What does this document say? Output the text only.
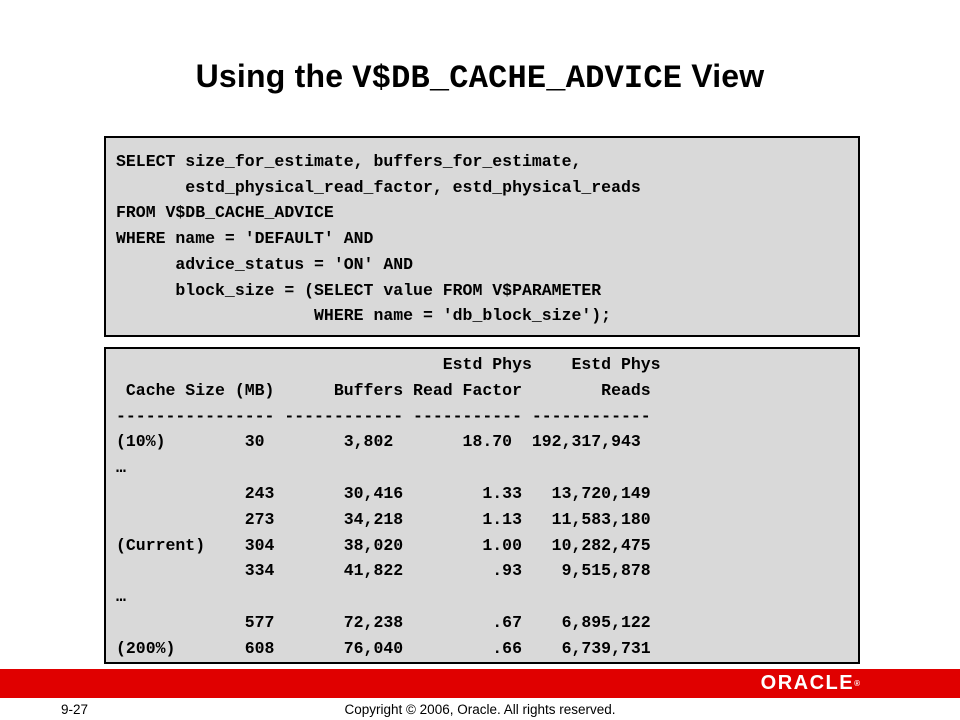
Using the V$DB_CACHE_ADVICE View
SELECT size_for_estimate, buffers_for_estimate,
estd_physical_read_factor, estd_physical_reads
FROM V$DB_CACHE_ADVICE
WHERE name = 'DEFAULT' AND
advice_status = 'ON' AND
block_size = (SELECT value FROM V$PARAMETER
WHERE name = 'db_block_size');
Estd Phys    Estd Phys
Cache Size (MB)      Buffers Read Factor        Reads
---------------- ------------ ----------- ------------
(10%)        30        3,802       18.70  192,317,943
…
243       30,416        1.33   13,720,149
273       34,218        1.13   11,583,180
(Current)    304       38,020        1.00   10,282,475
334       41,822         .93    9,515,878
…
577       72,238         .67    6,895,122
(200%)       608       76,040         .66    6,739,731
ORACLE®
9-27	Copyright © 2006, Oracle. All rights reserved.
